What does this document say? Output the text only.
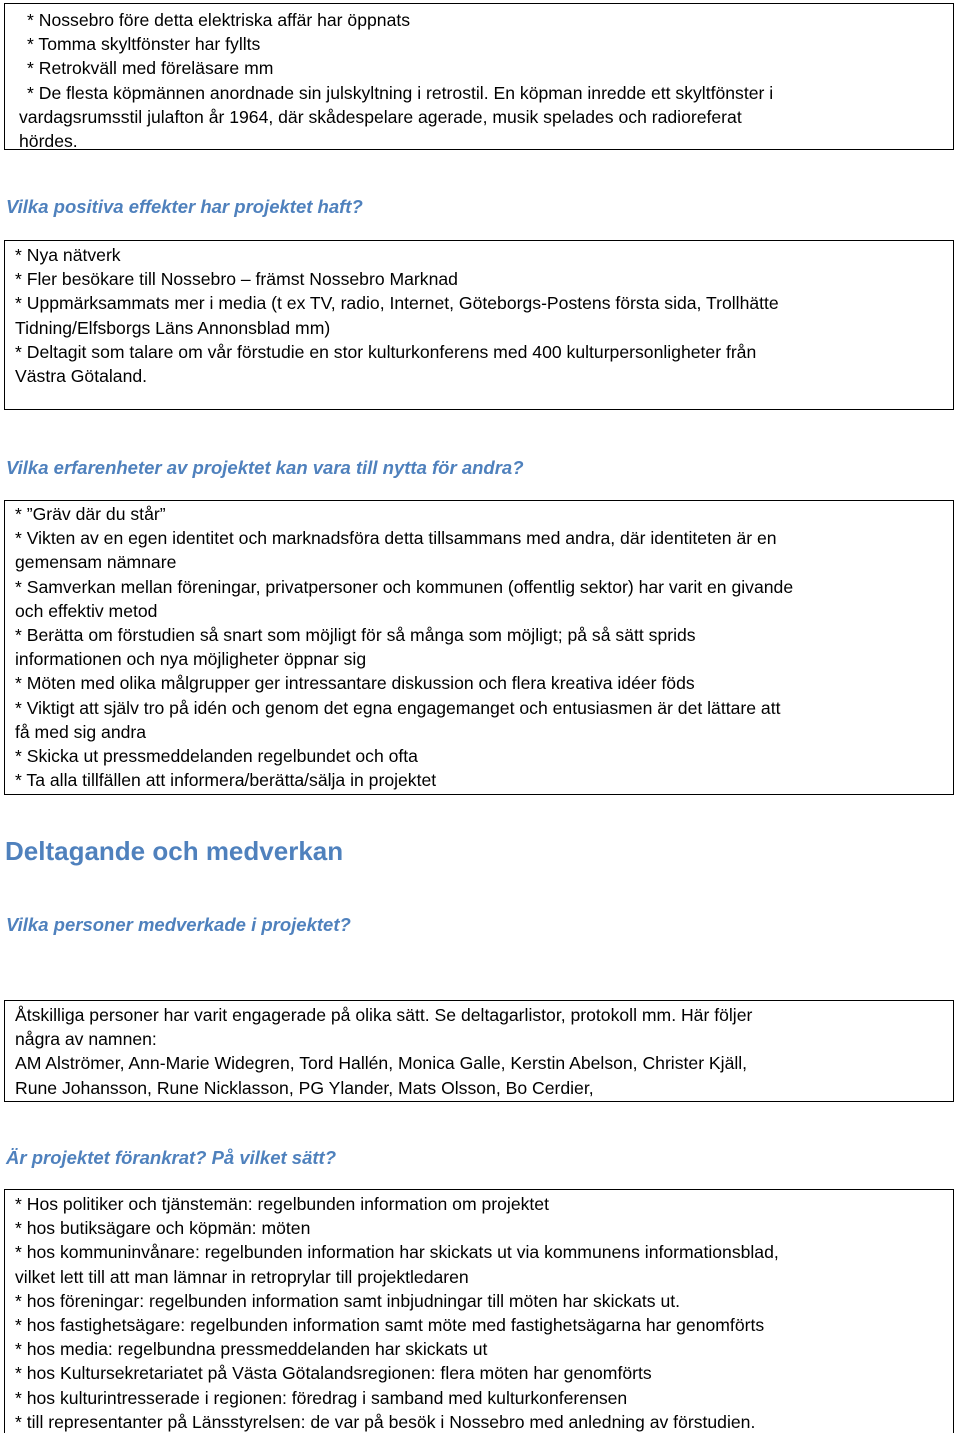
* Nossebro före detta elektriska affär har öppnats
* Tomma skyltfönster har fyllts
* Retrokväll med föreläsare mm
* De flesta köpmännen anordnade sin julskyltning i retrostil. En köpman inredde ett skyltfönster i
vardagsrumsstil julafton år 1964, där skådespelare agerade, musik spelades och radioreferat
hördes.
Vilka positiva effekter har projektet haft?
* Nya nätverk
* Fler besökare till Nossebro – främst Nossebro Marknad
* Uppmärksammats mer i media (t ex TV, radio, Internet, Göteborgs-Postens första sida, Trollhätte
Tidning/Elfsborgs Läns Annonsblad mm)
* Deltagit som talare om vår förstudie en stor kulturkonferens med 400 kulturpersonligheter från
Västra Götaland.
Vilka erfarenheter av projektet kan vara till nytta för andra?
* ”Gräv där du står”
* Vikten av en egen identitet och marknadsföra detta tillsammans med andra, där identiteten är en
gemensam nämnare
* Samverkan mellan föreningar, privatpersoner och kommunen (offentlig sektor) har varit en givande
och effektiv metod
* Berätta om förstudien så snart som möjligt för så många som möjligt; på så sätt sprids
informationen och nya möjligheter öppnar sig
* Möten med olika målgrupper ger intressantare diskussion och flera kreativa idéer föds
* Viktigt att själv tro på idén och genom det egna engagemanget och entusiasmen är det lättare att
få med sig andra
* Skicka ut pressmeddelanden regelbundet och ofta
* Ta alla tillfällen att informera/berätta/sälja in projektet
Deltagande och medverkan
Vilka personer medverkade i projektet?
Åtskilliga personer har varit engagerade på olika sätt. Se deltagarlistor, protokoll mm. Här följer
några av namnen:
AM Alströmer, Ann-Marie Widegren, Tord Hallén, Monica Galle, Kerstin Abelson, Christer Kjäll,
Rune Johansson, Rune Nicklasson, PG Ylander, Mats Olsson, Bo Cerdier,
Är projektet förankrat? På vilket sätt?
* Hos politiker och tjänstemän: regelbunden information om projektet
* hos butiksägare och köpmän: möten
* hos kommuninvånare: regelbunden information har skickats ut via kommunens informationsblad,
vilket lett till att man lämnar in retroprylar till projektledaren
* hos föreningar: regelbunden information samt inbjudningar till möten har skickats ut.
* hos fastighetsägare: regelbunden information samt möte med fastighetsägarna har genomförts
* hos media: regelbundna pressmeddelanden har skickats ut
* hos Kultursekretariatet på Västa Götalandsregionen: flera möten har genomförts
* hos kulturintresserade i regionen: föredrag i samband med kulturkonferensen
* till representanter på Länsstyrelsen: de var på besök i Nossebro med anledning av förstudien.
